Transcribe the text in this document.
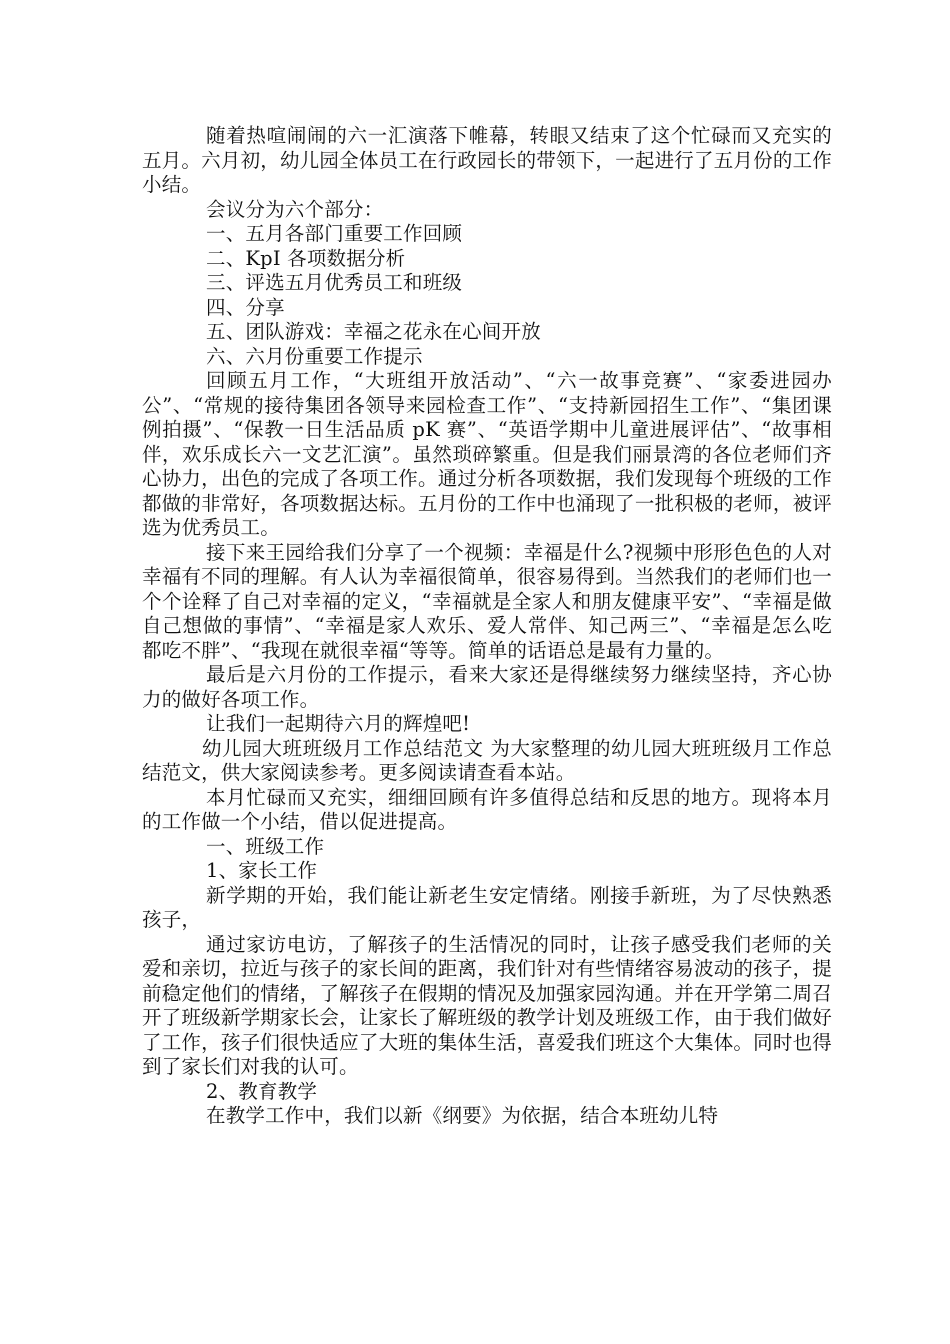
随着热喧闹闹的六一汇演落下帷幕，转眼又结束了这个忙碌而又充实的五月。六月初，幼儿园全体员工在行政园长的带领下，一起进行了五月份的工作小结。

会议分为六个部分：

一、五月各部门重要工作回顾

二、KpI 各项数据分析

三、评选五月优秀员工和班级

四、分享

五、团队游戏：幸福之花永在心间开放

六、六月份重要工作提示

回顾五月工作，“大班组开放活动”、“六一故事竞赛”、“家委进园办公”、“常规的接待集团各领导来园检查工作”、“支持新园招生工作”、“集团课例拍摄”、“保教一日生活品质 pK 赛”、“英语学期中儿童进展评估”、“故事相伴，欢乐成长六一文艺汇演”。虽然琐碎繁重。但是我们丽景湾的各位老师们齐心协力，出色的完成了各项工作。通过分析各项数据，我们发现每个班级的工作都做的非常好，各项数据达标。五月份的工作中也涌现了一批积极的老师，被评选为优秀员工。

接下来王园给我们分享了一个视频：幸福是什么?视频中形形色色的人对幸福有不同的理解。有人认为幸福很简单，很容易得到。当然我们的老师们也一个个诠释了自己对幸福的定义，“幸福就是全家人和朋友健康平安”、“幸福是做自己想做的事情”、“幸福是家人欢乐、爱人常伴、知己两三”、“幸福是怎么吃都吃不胖”、“我现在就很幸福“等等。简单的话语总是最有力量的。

最后是六月份的工作提示，看来大家还是得继续努力继续坚持，齐心协力的做好各项工作。

让我们一起期待六月的辉煌吧!

幼儿园大班班级月工作总结范文 为大家整理的幼儿园大班班级月工作总结范文，供大家阅读参考。更多阅读请查看本站。

本月忙碌而又充实，细细回顾有许多值得总结和反思的地方。现将本月的工作做一个小结，借以促进提高。

一、班级工作

1、家长工作

新学期的开始，我们能让新老生安定情绪。刚接手新班，为了尽快熟悉孩子，

通过家访电访，了解孩子的生活情况的同时，让孩子感受我们老师的关爱和亲切，拉近与孩子的家长间的距离，我们针对有些情绪容易波动的孩子，提前稳定他们的情绪，了解孩子在假期的情况及加强家园沟通。并在开学第二周召开了班级新学期家长会，让家长了解班级的教学计划及班级工作，由于我们做好了工作，孩子们很快适应了大班的集体生活，喜爱我们班这个大集体。同时也得到了家长们对我的认可。

2、教育教学

在教学工作中，我们以新《纲要》为依据，结合本班幼儿特
